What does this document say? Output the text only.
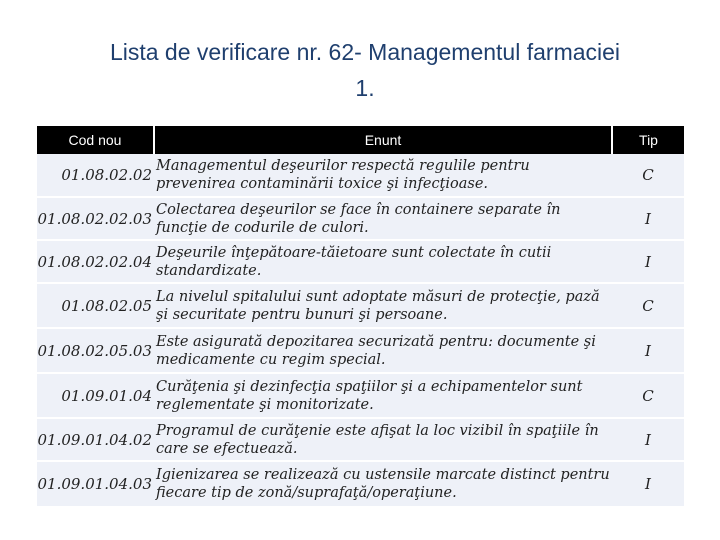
Lista de verificare nr. 62- Managementul farmaciei
1.
Cod nou	Enunt	Tip
01.08.02.02	Managementul deşeurilor respectă regulile pentru prevenirea contaminării toxice şi infecţioase.	C
01.08.02.02.03	Colectarea deşeurilor se face în containere separate în funcţie de codurile de culori.	I
01.08.02.02.04	Deşeurile înţepătoare-tăietoare sunt colectate în cutii standardizate.	I
01.08.02.05	La nivelul spitalului sunt adoptate măsuri de protecţie, pază şi securitate pentru bunuri şi persoane.	C
01.08.02.05.03	Este asigurată depozitarea securizată pentru: documente şi medicamente cu regim special.	I
01.09.01.04	Curăţenia şi dezinfecţia spaţiilor şi a echipamentelor sunt reglementate şi monitorizate.	C
01.09.01.04.02	Programul de curăţenie este afişat la loc vizibil în spaţiile în care se efectuează.	I
01.09.01.04.03	Igienizarea se realizează cu ustensile marcate distinct pentru fiecare tip de zonă/suprafaţă/operaţiune.	I
